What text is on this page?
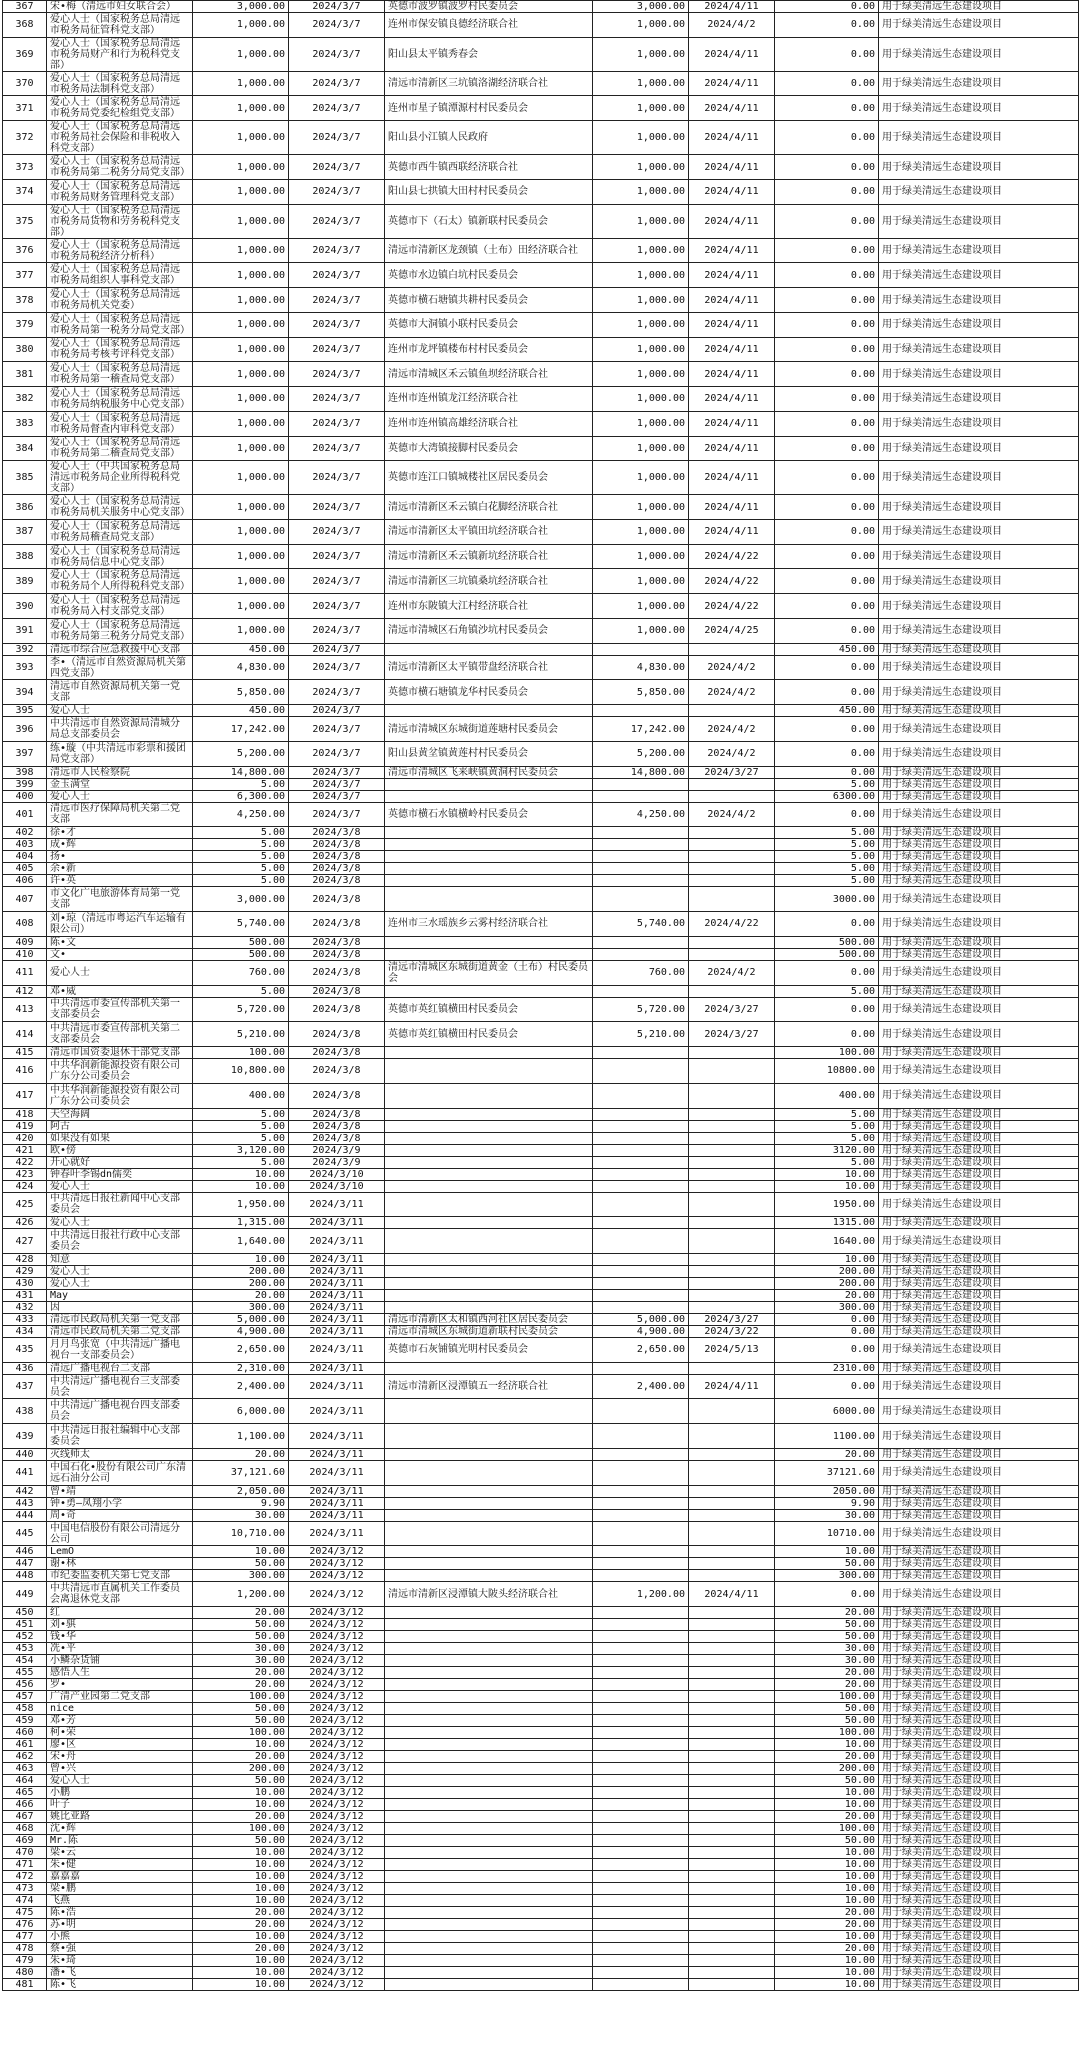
367	宋•梅（清远市妇女联合会）	3,000.00	2024/3/7	英德市波罗镇波罗村民委员会	3,000.00	2024/4/11	0.00	用于绿美清远生态建设项目
368	爱心人士（国家税务总局清远市税务局征管科党支部）	1,000.00	2024/3/7	连州市保安镇良德经济联合社	1,000.00	2024/4/2	0.00	用于绿美清远生态建设项目
369	爱心人士（国家税务总局清远市税务局财产和行为税科党支部）	1,000.00	2024/3/7	阳山县太平镇秀春会	1,000.00	2024/4/11	0.00	用于绿美清远生态建设项目
370	爱心人士（国家税务总局清远市税务局法制科党支部）	1,000.00	2024/3/7	清远市清新区三坑镇洛湖经济联合社	1,000.00	2024/4/11	0.00	用于绿美清远生态建设项目
371	爱心人士（国家税务总局清远市税务局党委纪检组党支部）	1,000.00	2024/3/7	连州市星子镇潭源村村民委员会	1,000.00	2024/4/11	0.00	用于绿美清远生态建设项目
372	爱心人士（国家税务总局清远市税务局社会保险和非税收入科党支部）	1,000.00	2024/3/7	阳山县小江镇人民政府	1,000.00	2024/4/11	0.00	用于绿美清远生态建设项目
373	爱心人士（国家税务总局清远市税务局第二税务分局党支部）	1,000.00	2024/3/7	英德市西牛镇西联经济联合社	1,000.00	2024/4/11	0.00	用于绿美清远生态建设项目
374	爱心人士（国家税务总局清远市税务局财务管理科党支部）	1,000.00	2024/3/7	阳山县七拱镇大田村村民委员会	1,000.00	2024/4/11	0.00	用于绿美清远生态建设项目
375	爱心人士（国家税务总局清远市税务局货物和劳务税科党支部）	1,000.00	2024/3/7	英德市下（石太）镇新联村民委员会	1,000.00	2024/4/11	0.00	用于绿美清远生态建设项目
376	爱心人士（国家税务总局清远市税务局税经济分析科）	1,000.00	2024/3/7	清远市清新区龙颈镇（土布）田经济联合社	1,000.00	2024/4/11	0.00	用于绿美清远生态建设项目
377	爱心人士（国家税务总局清远市税务局组织人事科党支部）	1,000.00	2024/3/7	英德市水边镇白坑村民委员会	1,000.00	2024/4/11	0.00	用于绿美清远生态建设项目
378	爱心人士（国家税务总局清远市税务局机关党委）	1,000.00	2024/3/7	英德市横石塘镇共耕村民委员会	1,000.00	2024/4/11	0.00	用于绿美清远生态建设项目
379	爱心人士（国家税务总局清远市税务局第一税务分局党支部）	1,000.00	2024/3/7	英德市大洞镇小联村民委员会	1,000.00	2024/4/11	0.00	用于绿美清远生态建设项目
380	爱心人士（国家税务总局清远市税务局考核考评科党支部）	1,000.00	2024/3/7	连州市龙坪镇楼布村村民委员会	1,000.00	2024/4/11	0.00	用于绿美清远生态建设项目
381	爱心人士（国家税务总局清远市税务局第一稽查局党支部）	1,000.00	2024/3/7	清远市清城区禾云镇鱼坝经济联合社	1,000.00	2024/4/11	0.00	用于绿美清远生态建设项目
382	爱心人士（国家税务总局清远市税务局纳税服务中心党支部）	1,000.00	2024/3/7	连州市连州镇龙江经济联合社	1,000.00	2024/4/11	0.00	用于绿美清远生态建设项目
383	爱心人士（国家税务总局清远市税务局督查内审科党支部）	1,000.00	2024/3/7	连州市连州镇高雄经济联合社	1,000.00	2024/4/11	0.00	用于绿美清远生态建设项目
384	爱心人士（国家税务总局清远市税务局第二稽查局党支部）	1,000.00	2024/3/7	英德市大湾镇接脚村民委员会	1,000.00	2024/4/11	0.00	用于绿美清远生态建设项目
385	爱心人士（中共国家税务总局清远市税务局企业所得税科党支部）	1,000.00	2024/3/7	英德市连江口镇城楼社区居民委员会	1,000.00	2024/4/11	0.00	用于绿美清远生态建设项目
386	爱心人士（国家税务总局清远市税务局机关服务中心党支部）	1,000.00	2024/3/7	清远市清新区禾云镇白花脚经济联合社	1,000.00	2024/4/11	0.00	用于绿美清远生态建设项目
387	爱心人士（国家税务总局清远市税务局稽查局党支部）	1,000.00	2024/3/7	清远市清新区太平镇田坑经济联合社	1,000.00	2024/4/11	0.00	用于绿美清远生态建设项目
388	爱心人士（国家税务总局清远市税务局信息中心党支部）	1,000.00	2024/3/7	清远市清新区禾云镇新坑经济联合社	1,000.00	2024/4/22	0.00	用于绿美清远生态建设项目
389	爱心人士（国家税务总局清远市税务局个人所得税科党支部）	1,000.00	2024/3/7	清远市清新区三坑镇桑坑经济联合社	1,000.00	2024/4/22	0.00	用于绿美清远生态建设项目
390	爱心人士（国家税务总局清远市税务局入村支部党支部）	1,000.00	2024/3/7	连州市东陂镇大江村经济联合社	1,000.00	2024/4/22	0.00	用于绿美清远生态建设项目
391	爱心人士（国家税务总局清远市税务局第三税务分局党支部）	1,000.00	2024/3/7	清远市清城区石角镇沙坑村民委员会	1,000.00	2024/4/25	0.00	用于绿美清远生态建设项目
392	清远市综合应急救援中心支部	450.00	2024/3/7				450.00	用于绿美清远生态建设项目
393	李•（清远市自然资源局机关第四党支部）	4,830.00	2024/3/7	清远市清新区太平镇带盘经济联合社	4,830.00	2024/4/2	0.00	用于绿美清远生态建设项目
394	清远市自然资源局机关第一党支部	5,850.00	2024/3/7	英德市横石塘镇龙华村民委员会	5,850.00	2024/4/2	0.00	用于绿美清远生态建设项目
395	爱心人士	450.00	2024/3/7				450.00	用于绿美清远生态建设项目
396	中共清远市自然资源局清城分局总支部委员会	17,242.00	2024/3/7	清远市清城区东城街道莲塘村民委员会	17,242.00	2024/4/2	0.00	用于绿美清远生态建设项目
397	练•璇（中共清远市彩票和援团局党支部）	5,200.00	2024/3/7	阳山县黄坌镇黄莲村村民委员会	5,200.00	2024/4/2	0.00	用于绿美清远生态建设项目
398	清远市人民检察院	14,800.00	2024/3/7	清远市清城区飞来峡镇黄洞村民委员会	14,800.00	2024/3/27	0.00	用于绿美清远生态建设项目
399	金玉满堂	5.00	2024/3/7				5.00	用于绿美清远生态建设项目
400	爱心人士	6,300.00	2024/3/7				6300.00	用于绿美清远生态建设项目
401	清远市医疗保障局机关第二党支部	4,250.00	2024/3/7	英德市横石水镇横岭村民委员会	4,250.00	2024/4/2	0.00	用于绿美清远生态建设项目
402	徐•才	5.00	2024/3/8				5.00	用于绿美清远生态建设项目
403	成•辉	5.00	2024/3/8				5.00	用于绿美清远生态建设项目
404	扬•	5.00	2024/3/8				5.00	用于绿美清远生态建设项目
405	余•新	5.00	2024/3/8				5.00	用于绿美清远生态建设项目
406	许•英	5.00	2024/3/8				5.00	用于绿美清远生态建设项目
407	市文化广电旅游体育局第一党支部	3,000.00	2024/3/8				3000.00	用于绿美清远生态建设项目
408	刘•琼（清远市粤运汽车运输有限公司）	5,740.00	2024/3/8	连州市三水瑶族乡云雾村经济联合社	5,740.00	2024/4/22	0.00	用于绿美清远生态建设项目
409	陈•文	500.00	2024/3/8				500.00	用于绿美清远生态建设项目
410	文•	500.00	2024/3/8				500.00	用于绿美清远生态建设项目
411	爱心人士	760.00	2024/3/8	清远市清城区东城街道黄金（土布）村民委员会	760.00	2024/4/2	0.00	用于绿美清远生态建设项目
412	邓•威	5.00	2024/3/8				5.00	用于绿美清远生态建设项目
413	中共清远市委宣传部机关第一支部委员会	5,720.00	2024/3/8	英德市英红镇横田村民委员会	5,720.00	2024/3/27	0.00	用于绿美清远生态建设项目
414	中共清远市委宣传部机关第二支部委员会	5,210.00	2024/3/8	英德市英红镇横田村民委员会	5,210.00	2024/3/27	0.00	用于绿美清远生态建设项目
415	清远市国资委退休干部党支部	100.00	2024/3/8				100.00	用于绿美清远生态建设项目
416	中共华润新能源投资有限公司广东分公司委员会	10,800.00	2024/3/8				10800.00	用于绿美清远生态建设项目
417	中共华润新能源投资有限公司广东分公司委员会	400.00	2024/3/8				400.00	用于绿美清远生态建设项目
418	天空海阔	5.00	2024/3/8				5.00	用于绿美清远生态建设项目
419	阿古	5.00	2024/3/8				5.00	用于绿美清远生态建设项目
420	如果没有如果	5.00	2024/3/8				5.00	用于绿美清远生态建设项目
421	欧•傍	3,120.00	2024/3/9				3120.00	用于绿美清远生态建设项目
422	开心就好	5.00	2024/3/9				5.00	用于绿美清远生态建设项目
423	钟春叶李锡dn儒奕	10.00	2024/3/10				10.00	用于绿美清远生态建设项目
424	爱心人士	10.00	2024/3/10				10.00	用于绿美清远生态建设项目
425	中共清远日报社新闻中心支部委员会	1,950.00	2024/3/11				1950.00	用于绿美清远生态建设项目
426	爱心人士	1,315.00	2024/3/11				1315.00	用于绿美清远生态建设项目
427	中共清远日报社行政中心支部委员会	1,640.00	2024/3/11				1640.00	用于绿美清远生态建设项目
428	知意	10.00	2024/3/11				10.00	用于绿美清远生态建设项目
429	爱心人士	200.00	2024/3/11				200.00	用于绿美清远生态建设项目
430	爱心人士	200.00	2024/3/11				200.00	用于绿美清远生态建设项目
431	May	20.00	2024/3/11				20.00	用于绿美清远生态建设项目
432	因	300.00	2024/3/11				300.00	用于绿美清远生态建设项目
433	清远市民政局机关第一党支部	5,000.00	2024/3/11	清远市清新区太和镇西河社区居民委员会	5,000.00	2024/3/27	0.00	用于绿美清远生态建设项目
434	清远市民政局机关第二党支部	4,900.00	2024/3/11	清远市清城区东城街道新联村民委员会	4,900.00	2024/3/22	0.00	用于绿美清远生态建设项目
435	月月鸟张宽（中共清远广播电视台一支部委员会）	2,650.00	2024/3/11	英德市石灰铺镇光明村民委员会	2,650.00	2024/5/13	0.00	用于绿美清远生态建设项目
436	清远广播电视台二支部	2,310.00	2024/3/11				2310.00	用于绿美清远生态建设项目
437	中共清远广播电视台三支部委员会	2,400.00	2024/3/11	清远市清新区浸潭镇五一经济联合社	2,400.00	2024/4/11	0.00	用于绿美清远生态建设项目
438	中共清远广播电视台四支部委员会	6,000.00	2024/3/11				6000.00	用于绿美清远生态建设项目
439	中共清远日报社编辑中心支部委员会	1,100.00	2024/3/11				1100.00	用于绿美清远生态建设项目
440	灭线师太	20.00	2024/3/11				20.00	用于绿美清远生态建设项目
441	中国石化•股份有限公司广东清远石油分公司	37,121.60	2024/3/11				37121.60	用于绿美清远生态建设项目
442	曾•靖	2,050.00	2024/3/11				2050.00	用于绿美清远生态建设项目
443	钟•勇—凤翔小学	9.90	2024/3/11				9.90	用于绿美清远生态建设项目
444	周•奇	30.00	2024/3/11				30.00	用于绿美清远生态建设项目
445	中国电信股份有限公司清远分公司	10,710.00	2024/3/11				10710.00	用于绿美清远生态建设项目
446	LemO	10.00	2024/3/12				10.00	用于绿美清远生态建设项目
447	谢•林	50.00	2024/3/12				50.00	用于绿美清远生态建设项目
448	市纪委监委机关第七党支部	300.00	2024/3/12				300.00	用于绿美清远生态建设项目
449	中共清远市直属机关工作委员会离退休党支部	1,200.00	2024/3/12	清远市清新区浸潭镇大陂头经济联合社	1,200.00	2024/4/11	0.00	用于绿美清远生态建设项目
450	红	20.00	2024/3/12				20.00	用于绿美清远生态建设项目
451	刘•骐	50.00	2024/3/12				50.00	用于绿美清远生态建设项目
452	钱•华	50.00	2024/3/12				50.00	用于绿美清远生态建设项目
453	冼•平	30.00	2024/3/12				30.00	用于绿美清远生态建设项目
454	小鳞杂货铺	30.00	2024/3/12				30.00	用于绿美清远生态建设项目
455	感悟人生	20.00	2024/3/12				20.00	用于绿美清远生态建设项目
456	罗•	20.00	2024/3/12				20.00	用于绿美清远生态建设项目
457	广清产业园第二党支部	100.00	2024/3/12				100.00	用于绿美清远生态建设项目
458	nice	50.00	2024/3/12				50.00	用于绿美清远生态建设项目
459	邓•芳	50.00	2024/3/12				50.00	用于绿美清远生态建设项目
460	柯•荣	100.00	2024/3/12				100.00	用于绿美清远生态建设项目
461	廖•区	10.00	2024/3/12				10.00	用于绿美清远生态建设项目
462	宋•舟	20.00	2024/3/12				20.00	用于绿美清远生态建设项目
463	曾•兴	200.00	2024/3/12				200.00	用于绿美清远生态建设项目
464	爱心人士	50.00	2024/3/12				50.00	用于绿美清远生态建设项目
465	小鹏	10.00	2024/3/12				10.00	用于绿美清远生态建设项目
466	叶子	10.00	2024/3/12				10.00	用于绿美清远生态建设项目
467	姚比亚路	20.00	2024/3/12				20.00	用于绿美清远生态建设项目
468	沈•辉	100.00	2024/3/12				100.00	用于绿美清远生态建设项目
469	Mr.陈	50.00	2024/3/12				50.00	用于绿美清远生态建设项目
470	梁•云	10.00	2024/3/12				10.00	用于绿美清远生态建设项目
471	朱•健	10.00	2024/3/12				10.00	用于绿美清远生态建设项目
472	嘉嘉嘉	10.00	2024/3/12				10.00	用于绿美清远生态建设项目
473	梁•鹏	10.00	2024/3/12				10.00	用于绿美清远生态建设项目
474	飞燕	10.00	2024/3/12				10.00	用于绿美清远生态建设项目
475	陈•浩	20.00	2024/3/12				20.00	用于绿美清远生态建设项目
476	苏•明	20.00	2024/3/12				20.00	用于绿美清远生态建设项目
477	小熊	10.00	2024/3/12				10.00	用于绿美清远生态建设项目
478	蔡•强	20.00	2024/3/12				20.00	用于绿美清远生态建设项目
479	朱•琦	10.00	2024/3/12				10.00	用于绿美清远生态建设项目
480	潘•飞	10.00	2024/3/12				10.00	用于绿美清远生态建设项目
481	陈•飞	10.00	2024/3/12				10.00	用于绿美清远生态建设项目
